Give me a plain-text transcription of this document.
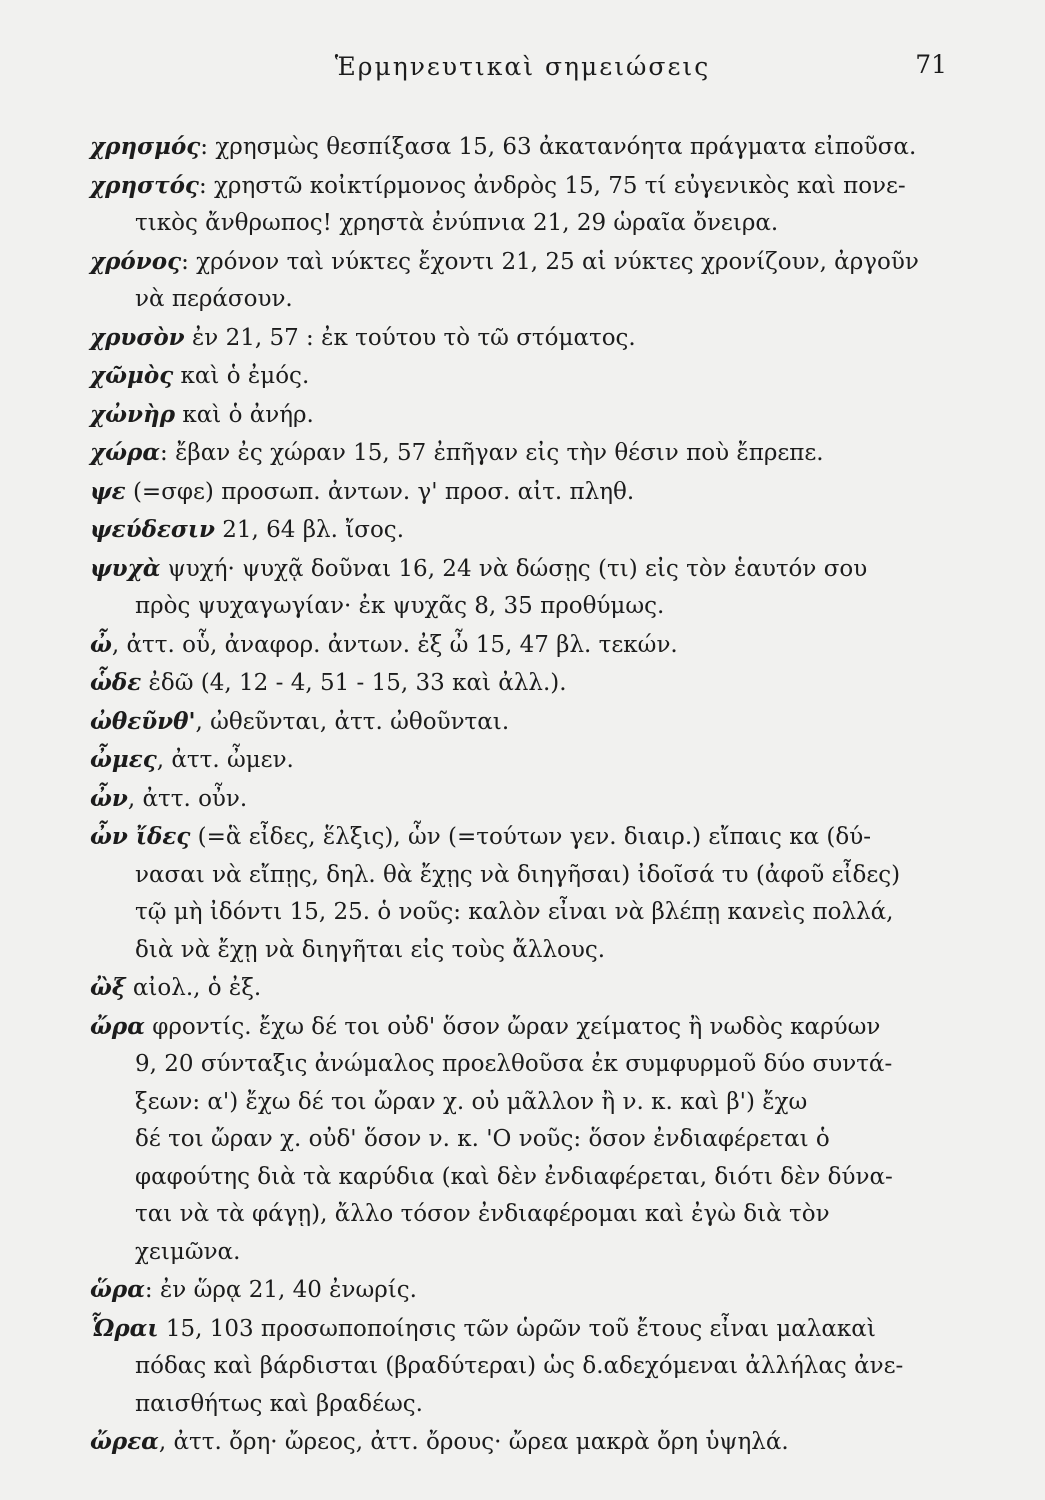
Ἑρμηνευτικαὶ σημειώσεις	71
χρησμός: χρησμὼς θεσπίξασα 15, 63 ἀκατανόητα πράγματα εἰποῦσα.
χρηστός: χρηστῶ κοἰκτίρμονος ἀνδρὸς 15, 75 τί εὐγενικὸς καὶ πονε-
τικὸς ἄνθρωπος! χρηστὰ ἐνύπνια 21, 29 ὡραῖα ὄνειρα.
χρόνος: χρόνον ταὶ νύκτες ἔχοντι 21, 25 αἱ νύκτες χρονίζουν, ἀργοῦν
νὰ περάσουν.
χρυσὸν ἐν 21, 57 : ἐκ τούτου τὸ τῶ στόματος.
χῶμὸς καὶ ὁ ἐμός.
χὠνὴρ καὶ ὁ ἀνήρ.
χώρα: ἔβαν ἐς χώραν 15, 57 ἐπῆγαν εἰς τὴν θέσιν ποὺ ἔπρεπε.
ψε (=σφε) προσωπ. ἀντων. γ' προσ. αἰτ. πληθ.
ψεύδεσιν 21, 64 βλ. ἴσος.
ψυχὰ ψυχή· ψυχᾷ δοῦναι 16, 24 νὰ δώσῃς (τι) εἰς τὸν ἑαυτόν σου
πρὸς ψυχαγωγίαν· ἐκ ψυχᾶς 8, 35 προθύμως.
ὦ, ἀττ. οὗ, ἀναφορ. ἀντων. ἐξ ὦ 15, 47 βλ. τεκών.
ὧδε ἐδῶ (4, 12 - 4, 51 - 15, 33 καὶ ἀλλ.).
ὠθεῦνθ', ὠθεῦνται, ἀττ. ὠθοῦνται.
ὦμες, ἀττ. ὦμεν.
ὦν, ἀττ. οὖν.
ὦν ἴδες (=ἃ εἶδες, ἕλξις), ὧν (=τούτων γεν. διαιρ.) εἴπαις κα (δύ-
νασαι νὰ εἴπῃς, δηλ. θὰ ἔχῃς νὰ διηγῆσαι) ἰδοῖσά τυ (ἀφοῦ εἶδες)
τῷ μὴ ἰδόντι 15, 25. ὁ νοῦς: καλὸν εἶναι νὰ βλέπῃ κανεὶς πολλά,
διὰ νὰ ἔχῃ νὰ διηγῆται εἰς τοὺς ἄλλους.
ὢξ αἰολ., ὁ ἐξ.
ὤρα φροντίς. ἔχω δέ τοι οὐδ' ὅσον ὤραν χείματος ἢ νωδὸς καρύων
9, 20 σύνταξις ἀνώμαλος προελθοῦσα ἐκ συμφυρμοῦ δύο συντά-
ξεων: α') ἔχω δέ τοι ὤραν χ. οὐ μᾶλλον ἢ ν. κ. καὶ β') ἔχω
δέ τοι ὤραν χ. οὐδ' ὅσον ν. κ. 'Ο νοῦς: ὅσον ἐνδιαφέρεται ὁ
φαφούτης διὰ τὰ καρύδια (καὶ δὲν ἐνδιαφέρεται, διότι δὲν δύνα-
ται νὰ τὰ φάγῃ), ἄλλο τόσον ἐνδιαφέρομαι καὶ ἐγὼ διὰ τὸν
χειμῶνα.
ὥρα: ἐν ὥρᾳ 21, 40 ἐνωρίς.
Ὧραι 15, 103 προσωποποίησις τῶν ὡρῶν τοῦ ἔτους εἶναι μαλακαὶ
πόδας καὶ βάρδισται (βραδύτεραι) ὡς δ.αδεχόμεναι ἀλλήλας ἀνε-
παισθήτως καὶ βραδέως.
ὤρεα, ἀττ. ὄρη· ὤρεος, ἀττ. ὄρους· ὤρεα μακρὰ ὄρη ὑψηλά.
